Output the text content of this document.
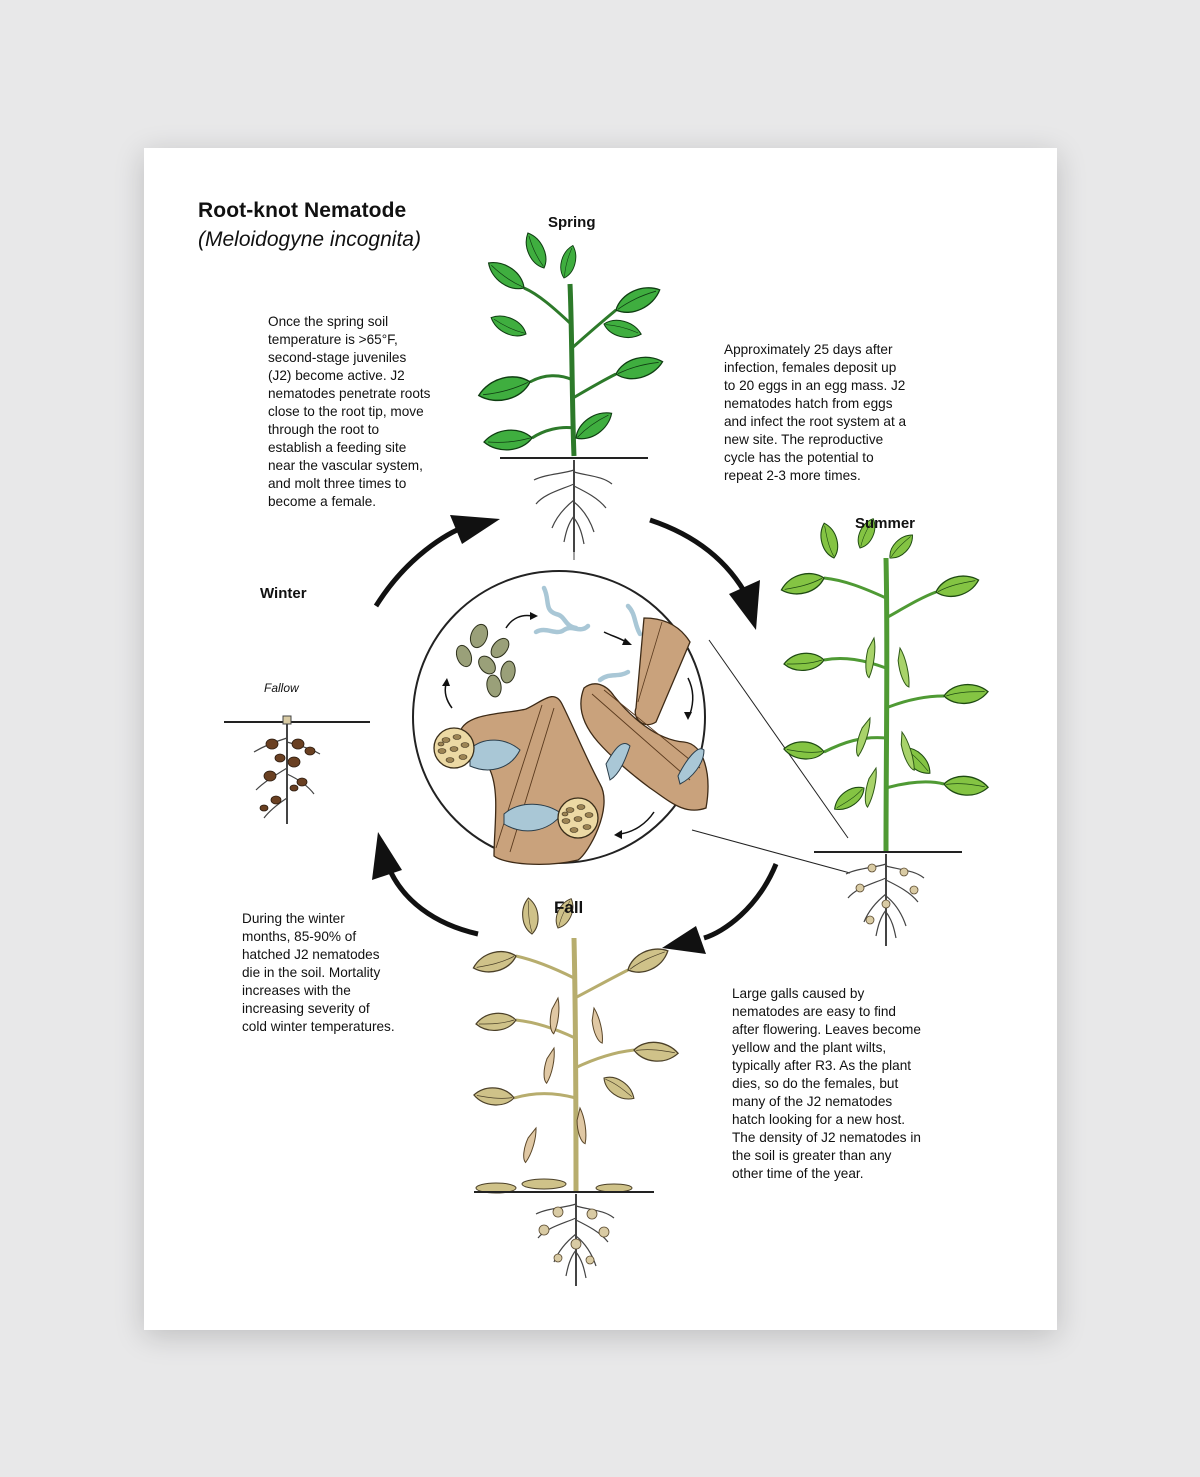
Root-knot Nematode
(Meloidogyne incognita)
Spring
Summer
Fall
Winter
Fallow
Once the spring soil
temperature is >65°F,
second-stage juveniles
(J2) become active. J2
nematodes penetrate roots
close to the root tip, move
through the root to
establish a feeding site
near the vascular system,
and molt three times to
become a female.
Approximately 25 days after
infection, females deposit up
to 20 eggs in an egg mass. J2
nematodes hatch from eggs
and infect the root system at a
new site. The reproductive
cycle has the potential to
repeat 2-3 more times.
Large galls caused by
nematodes are easy to find
after flowering. Leaves become
yellow and the plant wilts,
typically after R3. As the plant
dies, so do the females, but
many of the J2 nematodes
hatch looking for a new host.
The density of J2 nematodes in
the soil is greater than any
other time of the year.
During the winter
months, 85-90% of
hatched J2 nematodes
die in the soil. Mortality
increases with the
increasing severity of
cold winter temperatures.
